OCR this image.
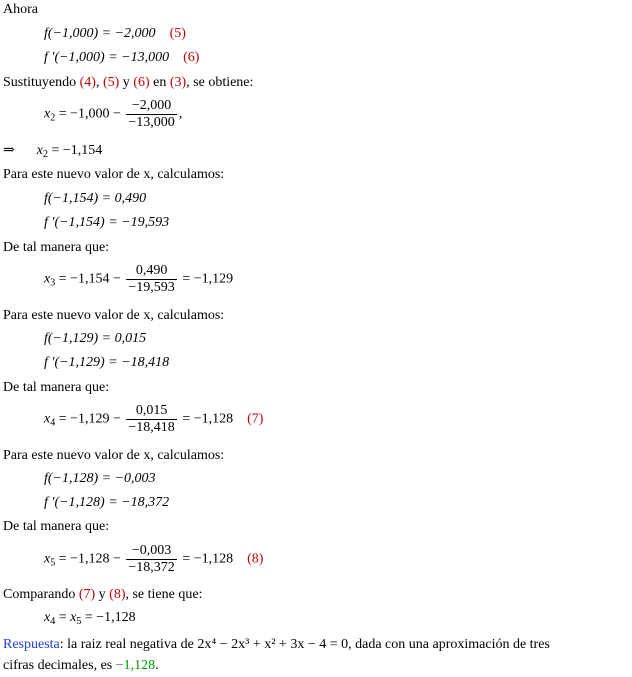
Ahora
f(−1,000) = −2,000 (5)
f ′(−1,000) = −13,000 (6)
Sustituyendo (4), (5) y (6) en (3), se obtiene:
$x_2 = -1,000 - \frac{-2,000}{-13,000}$ ,
⇒ $x_2 = -1,154$
Para este nuevo valor de x, calculamos:
f(−1,154) = 0,490
f ′(−1,154) = −19,593
De tal manera que:
$x_3 = -1,154 - \frac{0,490}{-19,593} = -1,129$
Para este nuevo valor de x, calculamos:
f(−1,129) = 0,015
f ′(−1,129) = −18,418
De tal manera que:
$x_4 = -1,129 - \frac{0,015}{-18,418} = -1,128$ (7)
Para este nuevo valor de x, calculamos:
f(−1,128) = −0,003
f ′(−1,128) = −18,372
De tal manera que:
$x_5 = -1,128 - \frac{-0,003}{-18,372} = -1,128$ (8)
Comparando (7) y (8), se tiene que:
$x_4 = x_5 = -1,128$
Respuesta: la raiz real negativa de 2x⁴ − 2x³ + x² + 3x − 4 = 0, dada con una aproximación de tres
cifras decimales, es −1,128.
